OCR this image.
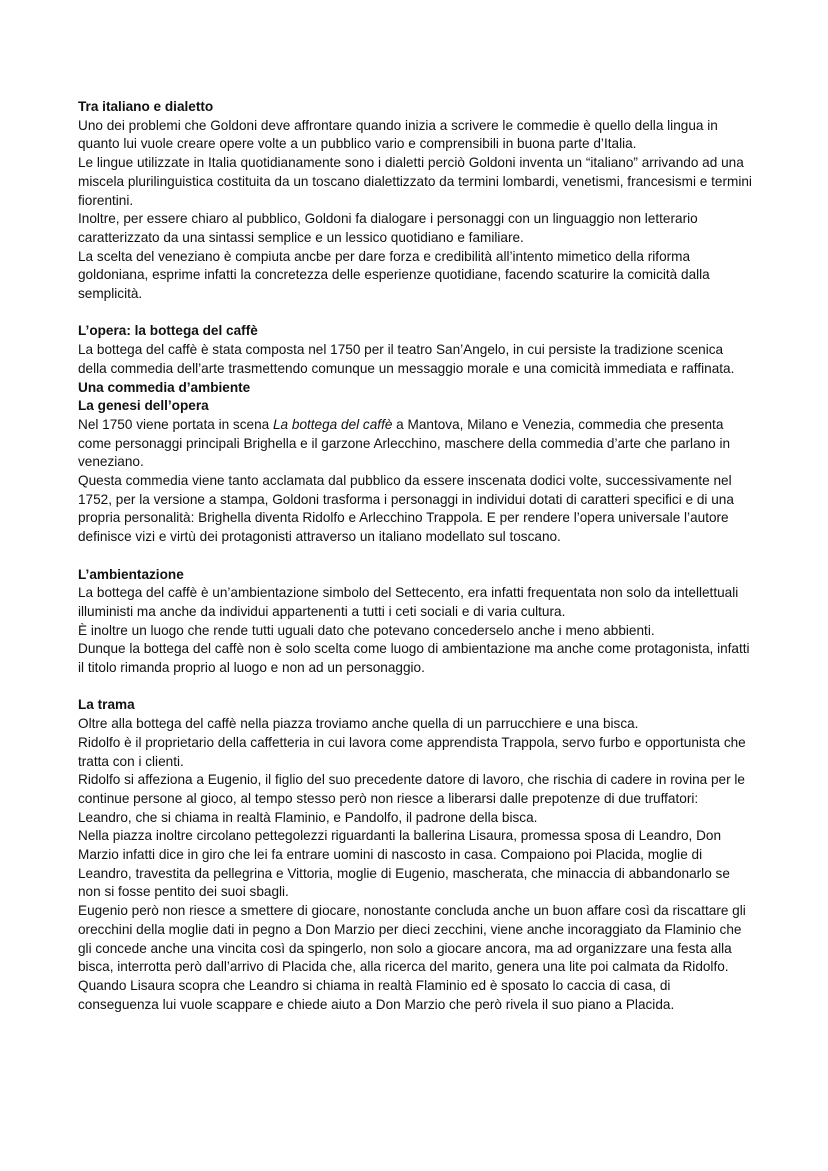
Tra italiano e dialetto

Uno dei problemi che Goldoni deve affrontare quando inizia a scrivere le commedie è quello della lingua in quanto lui vuole creare opere volte a un pubblico vario e comprensibili in buona parte d’Italia.

Le lingue utilizzate in Italia quotidianamente sono i dialetti perciò Goldoni inventa un “italiano” arrivando ad una miscela plurilinguistica costituita da un toscano dialettizzato da termini lombardi, venetismi, francesismi e termini fiorentini.

Inoltre, per essere chiaro al pubblico, Goldoni fa dialogare i personaggi con un linguaggio non letterario caratterizzato da una sintassi semplice e un lessico quotidiano e familiare.

La scelta del veneziano è compiuta ancbe per dare forza e credibilità all’intento mimetico della riforma goldoniana, esprime infatti la concretezza delle esperienze quotidiane, facendo scaturire la comicità dalla semplicità.

L’opera: la bottega del caffè

La bottega del caffè è stata composta nel 1750 per il teatro San’Angelo, in cui persiste la tradizione scenica della commedia dell’arte trasmettendo comunque un messaggio morale e una comicità immediata e raffinata.

Una commedia d’ambiente
La genesi dell’opera

Nel 1750 viene portata in scena La bottega del caffè a Mantova, Milano e Venezia, commedia che presenta come personaggi principali Brighella e il garzone Arlecchino, maschere della commedia d’arte che parlano in veneziano.

Questa commedia viene tanto acclamata dal pubblico da essere inscenata dodici volte, successivamente nel 1752, per la versione a stampa, Goldoni trasforma i personaggi in individui dotati di caratteri specifici e di una propria personalità: Brighella diventa Ridolfo e Arlecchino Trappola. E per rendere l’opera universale l’autore definisce vizi e virtù dei protagonisti attraverso un italiano modellato sul toscano.

L’ambientazione

La bottega del caffè è un’ambientazione simbolo del Settecento, era infatti frequentata non solo da intellettuali illuministi ma anche da individui appartenenti a tutti i ceti sociali e di varia cultura.

È inoltre un luogo che rende tutti uguali dato che potevano concederselo anche i meno abbienti.

Dunque la bottega del caffè non è solo scelta come luogo di ambientazione ma anche come protagonista, infatti il titolo rimanda proprio al luogo e non ad un personaggio.

La trama

Oltre alla bottega del caffè nella piazza troviamo anche quella di un parrucchiere e una bisca.

Ridolfo è il proprietario della caffetteria in cui lavora come apprendista Trappola, servo furbo e opportunista che tratta con i clienti.

Ridolfo si affeziona a Eugenio, il figlio del suo precedente datore di lavoro, che rischia di cadere in rovina per le continue persone al gioco, al tempo stesso però non riesce a liberarsi dalle prepotenze di due truffatori: Leandro, che si chiama in realtà Flaminio, e Pandolfo, il padrone della bisca.

Nella piazza inoltre circolano pettegolezzi riguardanti la ballerina Lisaura, promessa sposa di Leandro, Don Marzio infatti dice in giro che lei fa entrare uomini di nascosto in casa. Compaiono poi Placida, moglie di Leandro, travestita da pellegrina e Vittoria, moglie di Eugenio, mascherata, che minaccia di abbandonarlo se non si fosse pentito dei suoi sbagli.

Eugenio però non riesce a smettere di giocare, nonostante concluda anche un buon affare così da riscattare gli orecchini della moglie dati in pegno a Don Marzio per dieci zecchini, viene anche incoraggiato da Flaminio che gli concede anche una vincita così da spingerlo, non solo a giocare ancora, ma ad organizzare una festa alla bisca, interrotta però dall’arrivo di Placida che, alla ricerca del marito, genera una lite poi calmata da Ridolfo.

Quando Lisaura scopra che Leandro si chiama in realtà Flaminio ed è sposato lo caccia di casa, di conseguenza lui vuole scappare e chiede aiuto a Don Marzio che però rivela il suo piano a Placida.
